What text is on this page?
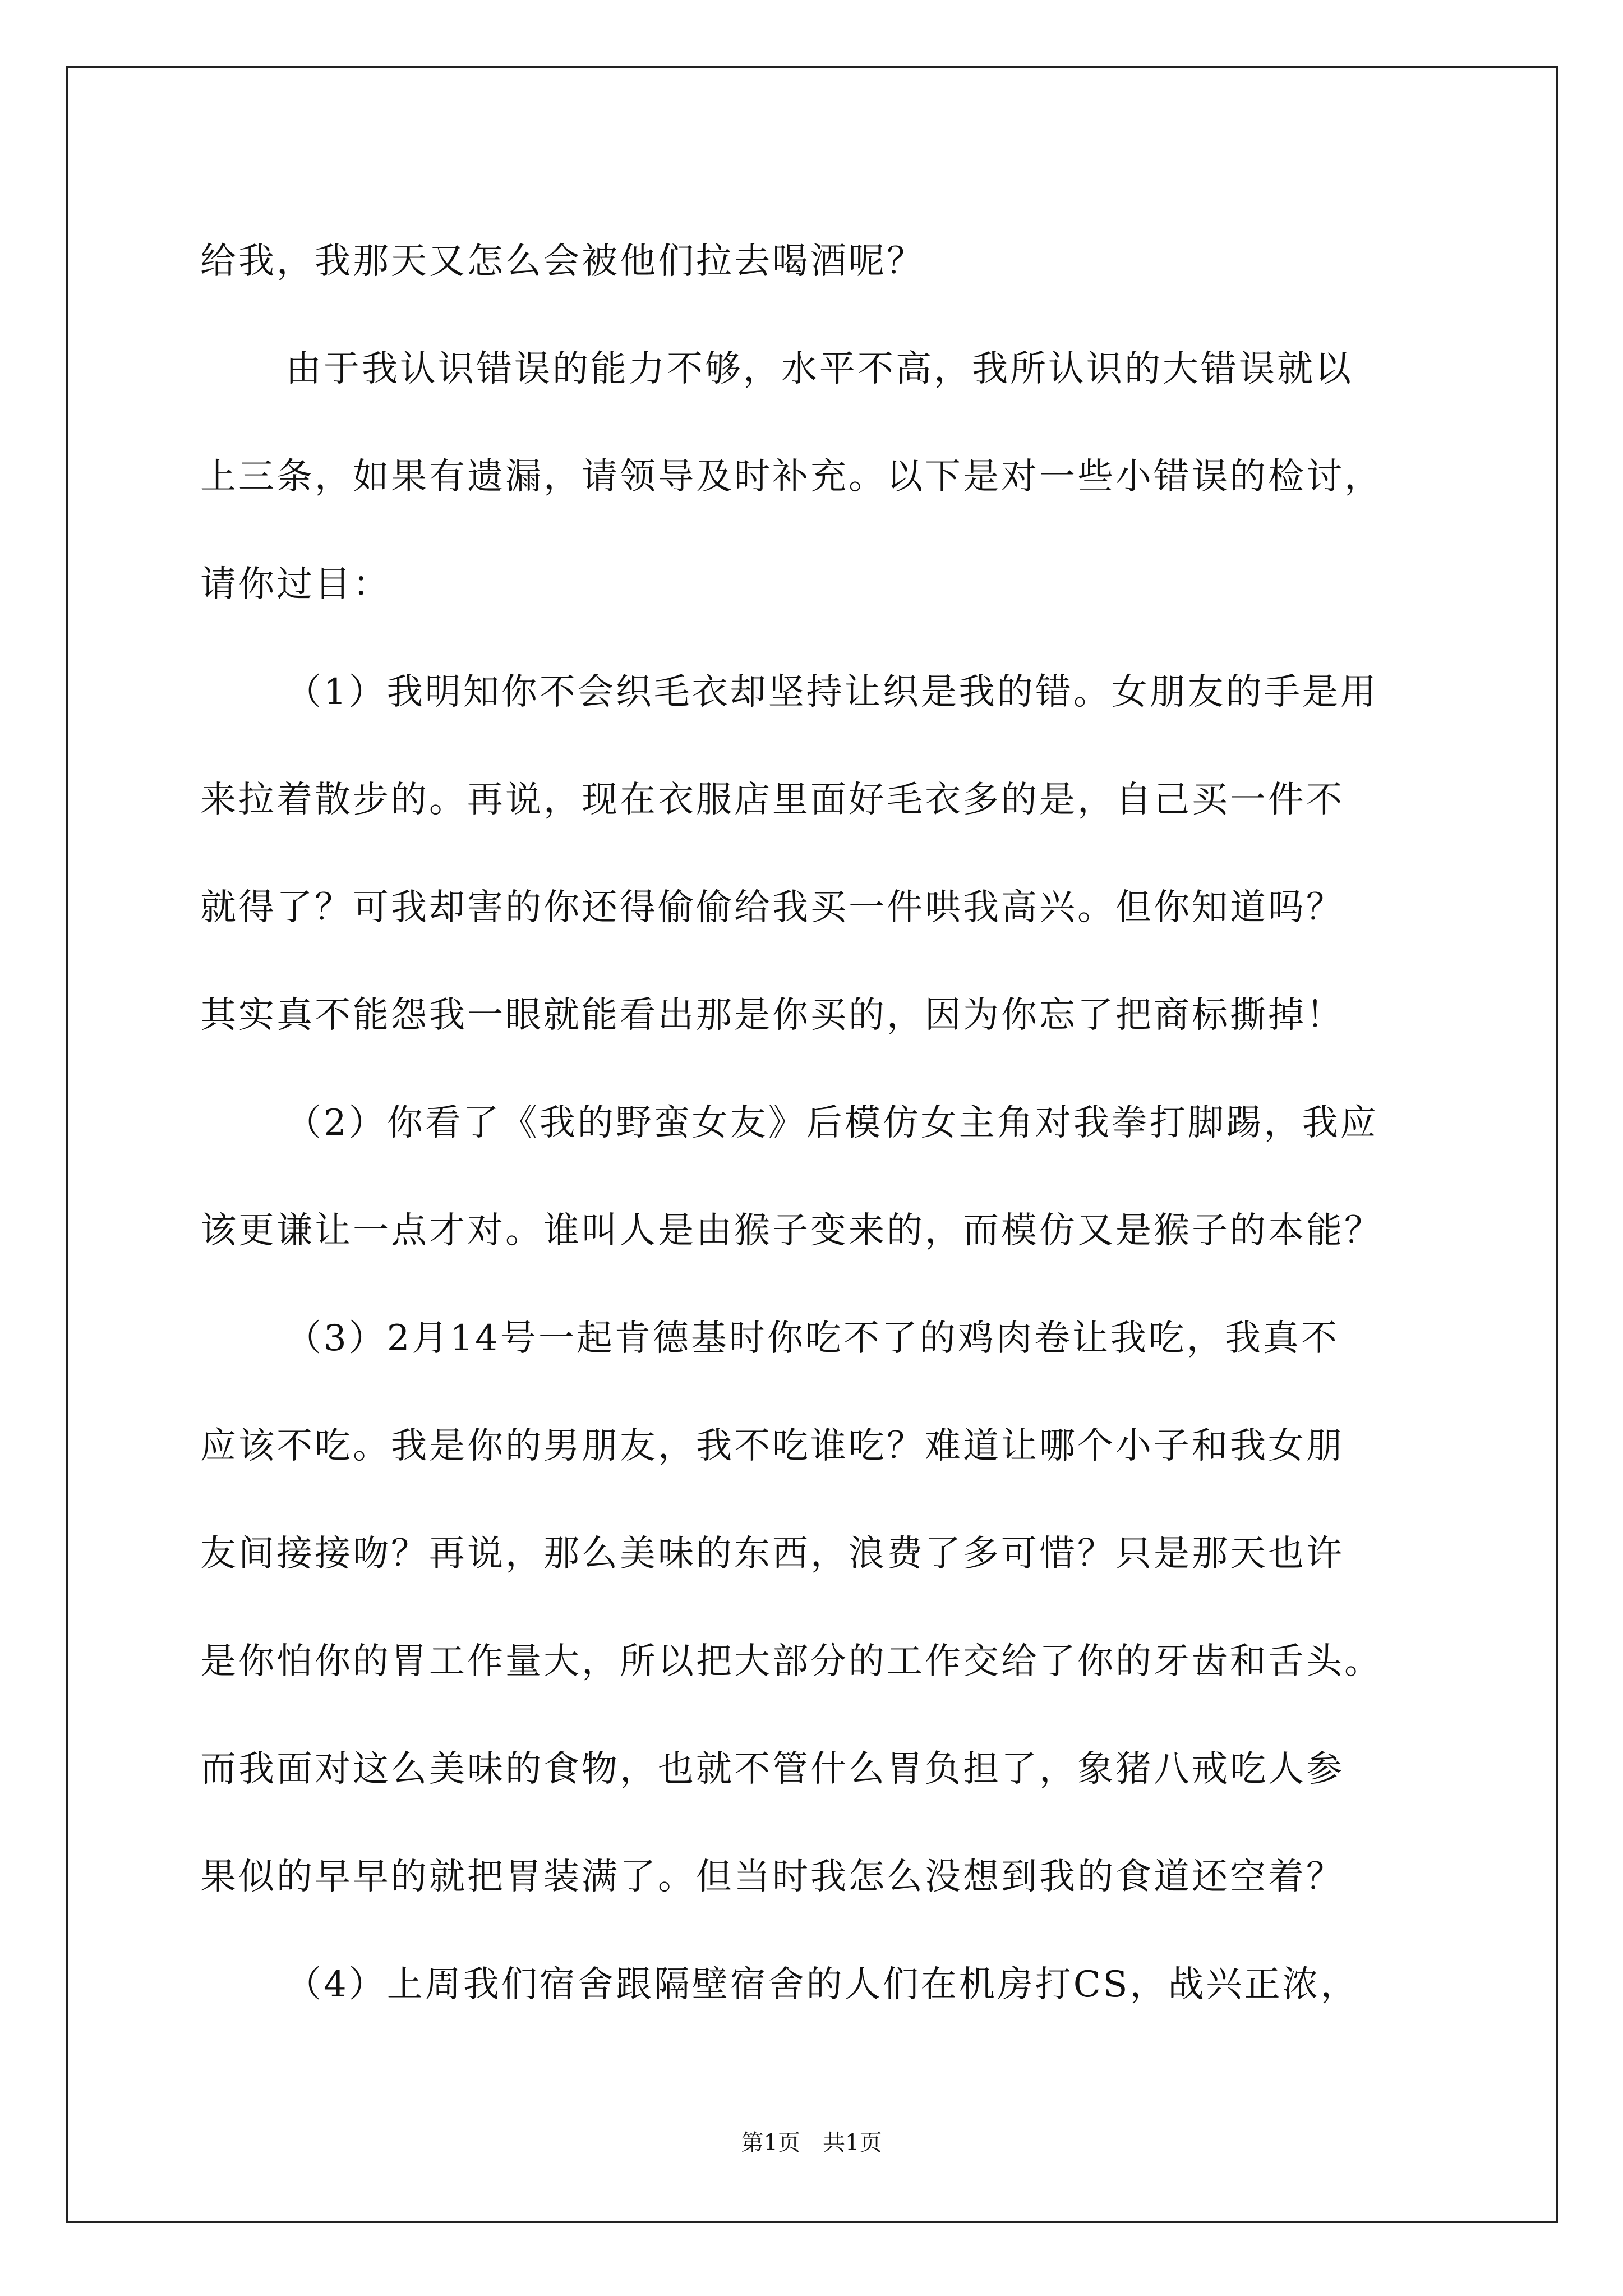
给我，我那天又怎么会被他们拉去喝酒呢？
由于我认识错误的能力不够，水平不高，我所认识的大错误就以
上三条，如果有遗漏，请领导及时补充。以下是对一些小错误的检讨，
请你过目：
（1）我明知你不会织毛衣却坚持让织是我的错。女朋友的手是用
来拉着散步的。再说，现在衣服店里面好毛衣多的是，自己买一件不
就得了？可我却害的你还得偷偷给我买一件哄我高兴。但你知道吗？
其实真不能怨我一眼就能看出那是你买的，因为你忘了把商标撕掉！
（2）你看了《我的野蛮女友》后模仿女主角对我拳打脚踢，我应
该更谦让一点才对。谁叫人是由猴子变来的，而模仿又是猴子的本能？
（3）2月14号一起肯德基时你吃不了的鸡肉卷让我吃，我真不
应该不吃。我是你的男朋友，我不吃谁吃？难道让哪个小子和我女朋
友间接接吻？再说，那么美味的东西，浪费了多可惜？只是那天也许
是你怕你的胃工作量大，所以把大部分的工作交给了你的牙齿和舌头。
而我面对这么美味的食物，也就不管什么胃负担了，象猪八戒吃人参
果似的早早的就把胃装满了。但当时我怎么没想到我的食道还空着？
（4）上周我们宿舍跟隔壁宿舍的人们在机房打CS，战兴正浓，
第1页 共1页
